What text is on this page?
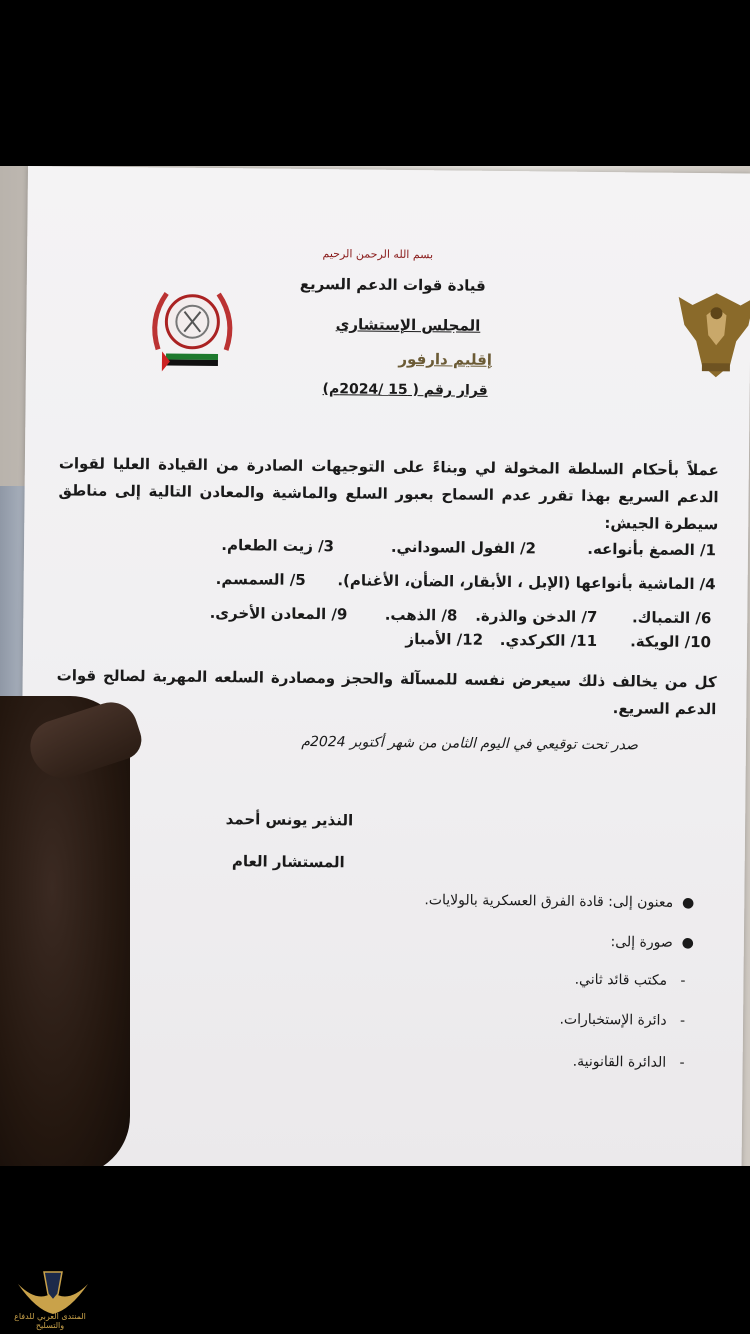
بسم الله الرحمن الرحيم
قيادة قوات الدعم السريع
المجلس الإستشاري
إقليم دارفور
قرار رقم ( 15 /2024م)
عملاً بأحكام السلطة المخولة لي وبناءً على التوجيهات الصادرة من القيادة العليا لقوات الدعم السريع بهذا تقرر عدم السماح بعبور السلع والماشية والمعادن التالية إلى مناطق سيطرة الجيش:
1/ الصمغ بأنواعه.
2/ الفول السوداني.
3/ زيت الطعام.
4/ الماشية بأنواعها (الإبل ، الأبقار، الضأن، الأغنام).
5/ السمسم.
6/ التمباك.
7/ الدخن والذرة.
8/ الذهب.
9/ المعادن الأخرى.
10/ الويكة.
11/ الكركدي.
12/ الأمباز
كل من يخالف ذلك سيعرض نفسه للمسآلة والحجز ومصادرة السلعه المهربة لصالح قوات الدعم السريع.
صدر تحت توقيعي في اليوم الثامن من شهر أكتوبر 2024م
النذير يونس أحمد
المستشار العام
●  معنون إلى: قادة الفرق العسكرية بالولايات.
●  صورة إلى:
-   مكتب قائد ثاني.
-   دائرة الإستخبارات.
-   الدائرة القانونية.
المنتدى العربي للدفاع والتسليح
